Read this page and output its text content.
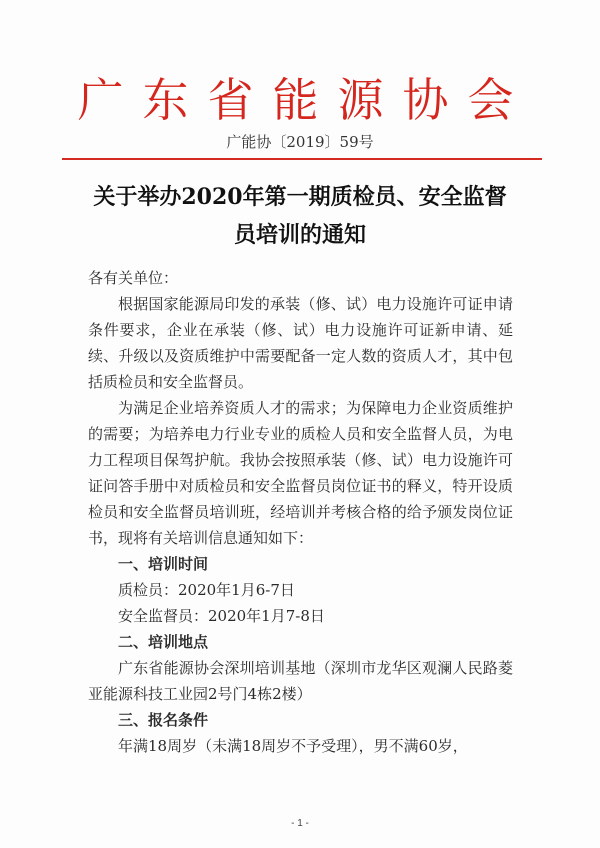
广东省能源协会
广能协〔2019〕59号
关于举办2020年第一期质检员、安全监督员培训的通知

各有关单位：

根据国家能源局印发的承装（修、试）电力设施许可证申请条件要求，企业在承装（修、试）电力设施许可证新申请、延续、升级以及资质维护中需要配备一定人数的资质人才，其中包括质检员和安全监督员。

为满足企业培养资质人才的需求；为保障电力企业资质维护的需要；为培养电力行业专业的质检人员和安全监督人员，为电力工程项目保驾护航。我协会按照承装（修、试）电力设施许可证问答手册中对质检员和安全监督员岗位证书的释义，特开设质检员和安全监督员培训班，经培训并考核合格的给予颁发岗位证书，现将有关培训信息通知如下：

一、培训时间

质检员：2020年1月6-7日

安全监督员：2020年1月7-8日

二、培训地点

广东省能源协会深圳培训基地（深圳市龙华区观澜人民路菱亚能源科技工业园2号门4栋2楼）

三、报名条件

年满18周岁（未满18周岁不予受理），男不满60岁，

- 1 -
